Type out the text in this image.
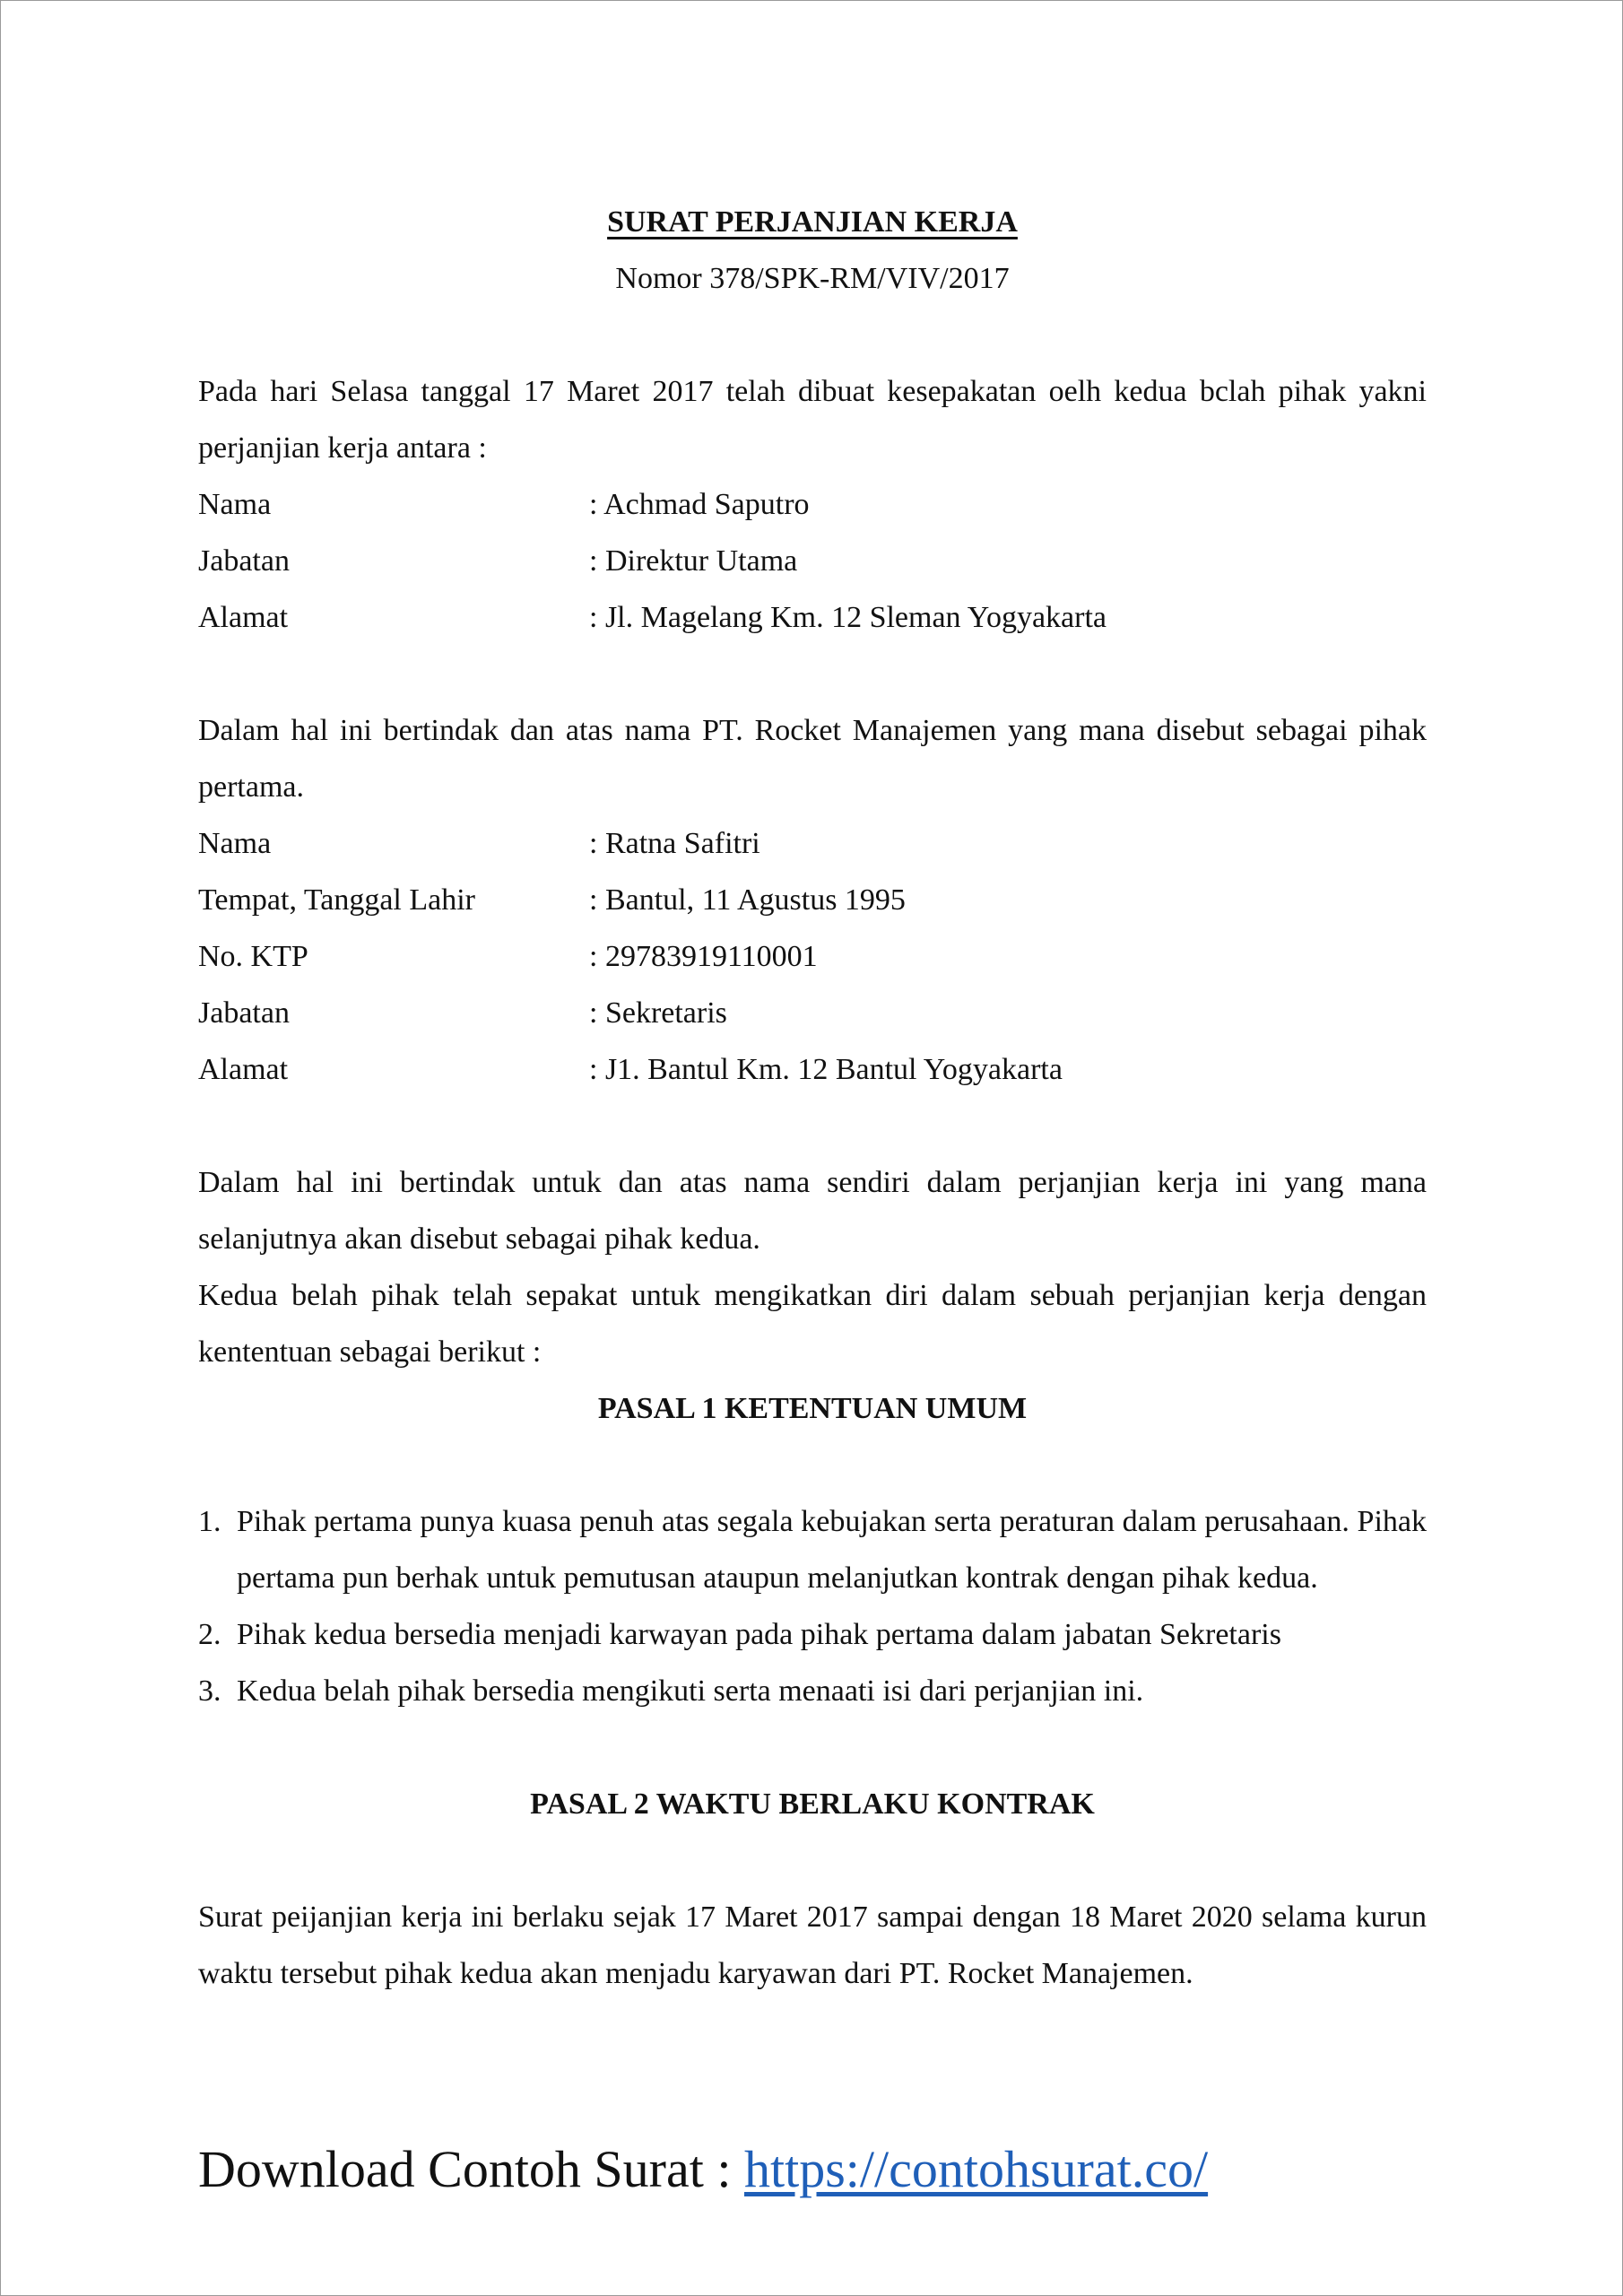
SURAT PERJANJIAN KERJA
Nomor 378/SPK-RM/VIV/2017
Pada hari Selasa tanggal 17 Maret 2017 telah dibuat kesepakatan oelh kedua bclah pihak yakni perjanjian kerja antara :
Nama	: Achmad Saputro
Jabatan	: Direktur Utama
Alamat	: Jl. Magelang Km. 12 Sleman Yogyakarta
Dalam hal ini bertindak dan atas nama PT. Rocket Manajemen yang mana disebut sebagai pihak pertama.
Nama	: Ratna Safitri
Tempat, Tanggal Lahir	: Bantul, 11 Agustus 1995
No. KTP	: 29783919110001
Jabatan	: Sekretaris
Alamat	: J1. Bantul Km. 12 Bantul Yogyakarta
Dalam hal ini bertindak untuk dan atas nama sendiri dalam perjanjian kerja ini yang mana selanjutnya akan disebut sebagai pihak kedua.
Kedua belah pihak telah sepakat untuk mengikatkan diri dalam sebuah perjanjian kerja dengan kententuan sebagai berikut :
PASAL 1 KETENTUAN UMUM
1. Pihak pertama punya kuasa penuh atas segala kebujakan serta peraturan dalam perusahaan. Pihak pertama pun berhak untuk pemutusan ataupun melanjutkan kontrak dengan pihak kedua.
2. Pihak kedua bersedia menjadi karwayan pada pihak pertama dalam jabatan Sekretaris
3. Kedua belah pihak bersedia mengikuti serta menaati isi dari perjanjian ini.
PASAL 2 WAKTU BERLAKU KONTRAK
Surat peijanjian kerja ini berlaku sejak 17 Maret 2017 sampai dengan 18 Maret 2020 selama kurun waktu tersebut pihak kedua akan menjadu karyawan dari PT. Rocket Manajemen.
Download Contoh Surat : https://contohsurat.co/
